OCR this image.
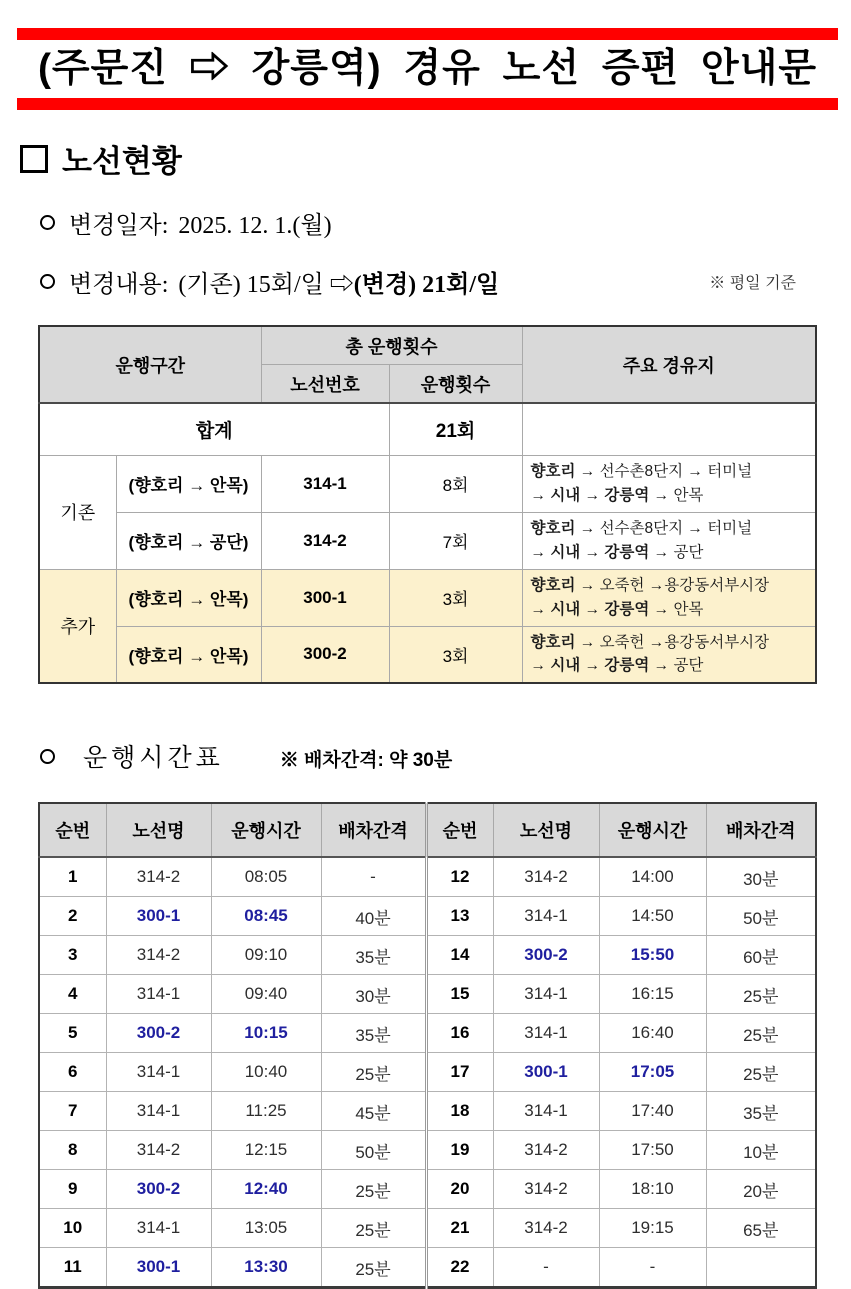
(주문진 ⇨ 강릉역) 경유 노선 증편 안내문
노선현황
변경일자: 2025. 12. 1.(월)
변경내용: (기존) 15회/일 ⇨ (변경) 21회/일	※ 평일 기준
운행구간		총 운행횟수		주요 경유지
		노선번호	운행횟수	
합계			21회	
기존	(향호리 → 안목)	314-1	8회	향호리 → 선수촌8단지 → 터미널
→ 시내 → 강릉역 → 안목

	(향호리 → 공단)	314-2	7회	향호리 → 선수촌8단지 → 터미널
→ 시내 → 강릉역 → 공단

추가	(향호리 → 안목)	300-1	3회	향호리 → 오죽헌 →용강동서부시장
→ 시내 → 강릉역 → 안목

	(향호리 → 안목)	300-2	3회	향호리 → 오죽헌 →용강동서부시장
→ 시내 → 강릉역 → 공단
운행시간표	※ 배차간격: 약 30분
순번	노선명	운행시간	배차간격	순번	노선명	운행시간	배차간격
1	314-2	08:05	-	12	314-2	14:00	30분
2	300-1	08:45	40분	13	314-1	14:50	50분
3	314-2	09:10	35분	14	300-2	15:50	60분
4	314-1	09:40	30분	15	314-1	16:15	25분
5	300-2	10:15	35분	16	314-1	16:40	25분
6	314-1	10:40	25분	17	300-1	17:05	25분
7	314-1	11:25	45분	18	314-1	17:40	35분
8	314-2	12:15	50분	19	314-2	17:50	10분
9	300-2	12:40	25분	20	314-2	18:10	20분
10	314-1	13:05	25분	21	314-2	19:15	65분
11	300-1	13:30	25분	22	-	-	
